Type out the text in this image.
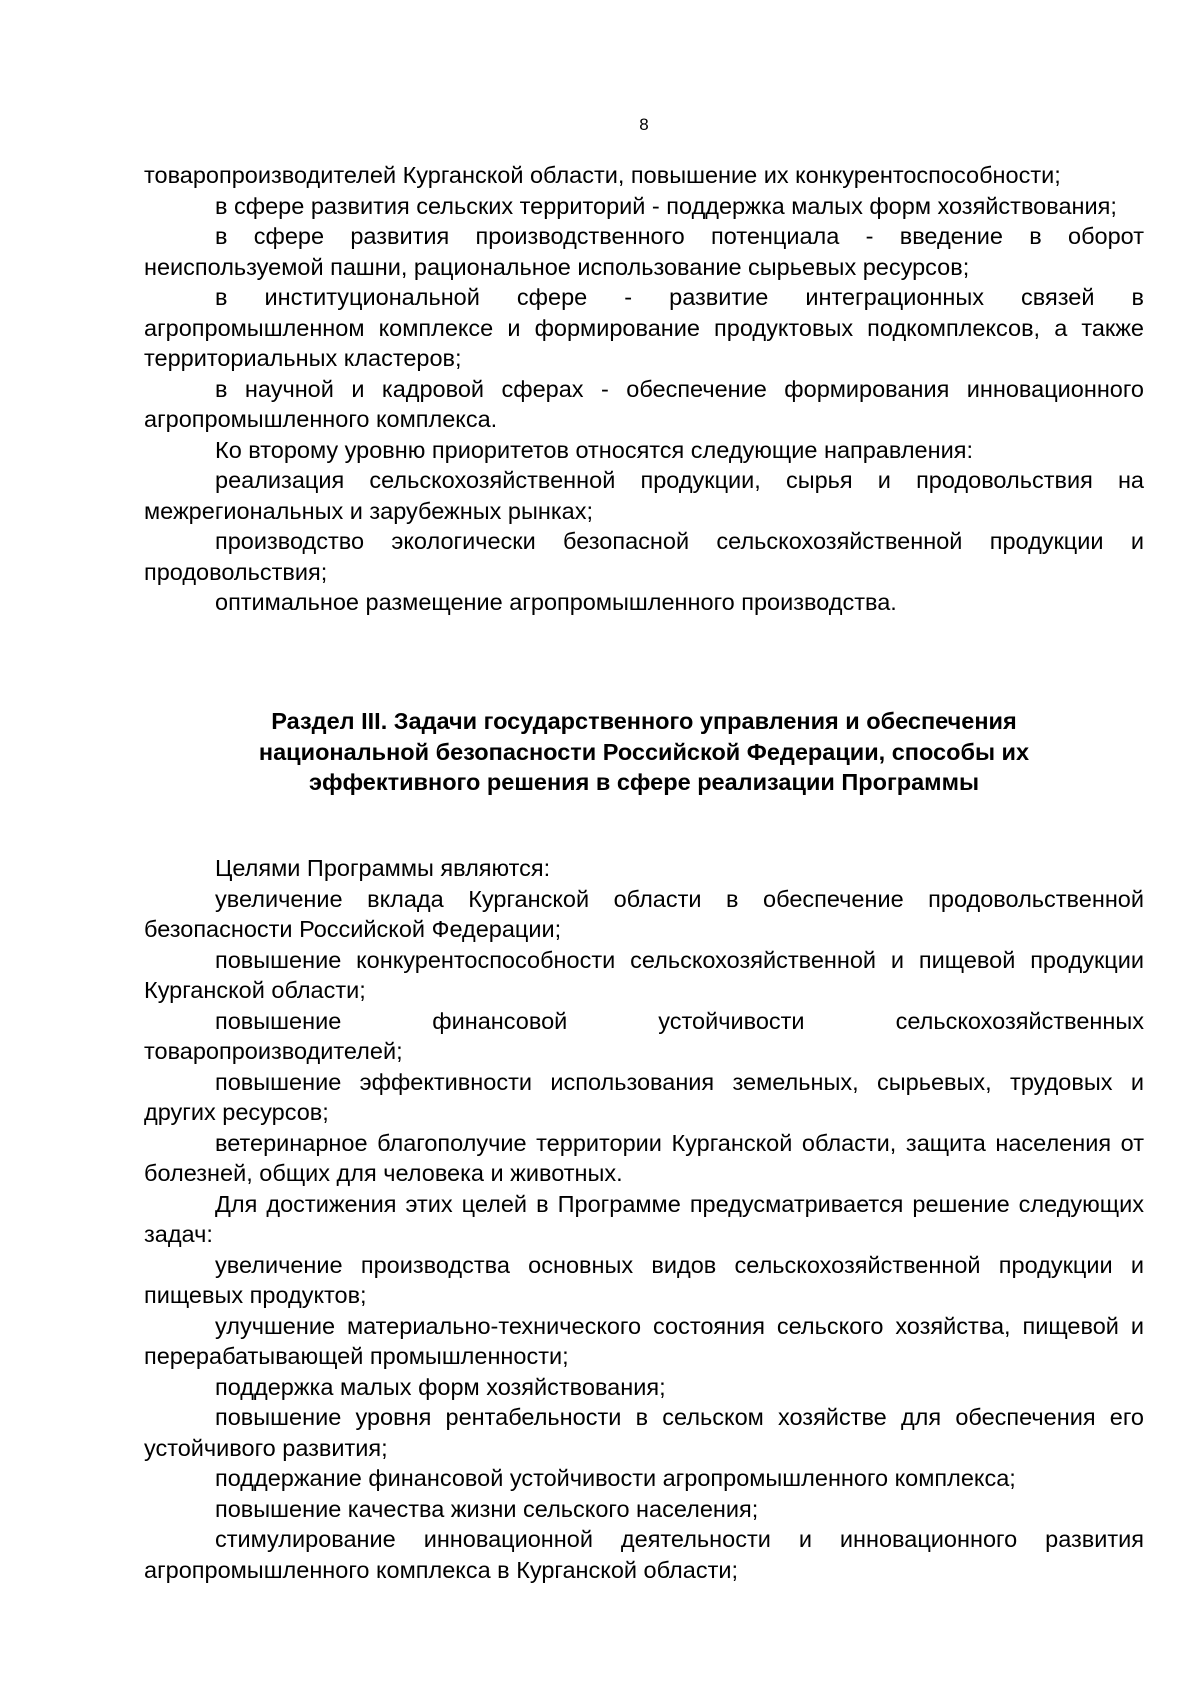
8

товаропроизводителей Курганской области, повышение их конкурентоспособности;

в сфере развития сельских территорий - поддержка малых форм хозяйствования;

в сфере развития производственного потенциала - введение в оборот неиспользуемой пашни, рациональное использование сырьевых ресурсов;

в институциональной сфере - развитие интеграционных связей в агропромышленном комплексе и формирование продуктовых подкомплексов, а также территориальных кластеров;

в научной и кадровой сферах - обеспечение формирования инновационного агропромышленного комплекса.

Ко второму уровню приоритетов относятся следующие направления:

реализация сельскохозяйственной продукции, сырья и продовольствия на межрегиональных и зарубежных рынках;

производство экологически безопасной сельскохозяйственной продукции и продовольствия;

оптимальное размещение агропромышленного производства.

Раздел III. Задачи государственного управления и обеспечения
национальной безопасности Российской Федерации, способы их
эффективного решения в сфере реализации Программы

Целями Программы являются:

увеличение вклада Курганской области в обеспечение продовольственной безопасности Российской Федерации;

повышение конкурентоспособности сельскохозяйственной и пищевой продукции Курганской области;

повышение финансовой устойчивости сельскохозяйственных товаропроизводителей;

повышение эффективности использования земельных, сырьевых, трудовых и других ресурсов;

ветеринарное благополучие территории Курганской области, защита населения от болезней, общих для человека и животных.

Для достижения этих целей в Программе предусматривается решение следующих задач:

увеличение производства основных видов сельскохозяйственной продукции и пищевых продуктов;

улучшение материально-технического состояния сельского хозяйства, пищевой и перерабатывающей промышленности;

поддержка малых форм хозяйствования;

повышение уровня рентабельности в сельском хозяйстве для обеспечения его устойчивого развития;

поддержание финансовой устойчивости агропромышленного комплекса;

повышение качества жизни сельского населения;

стимулирование инновационной деятельности и инновационного развития агропромышленного комплекса в Курганской области;
